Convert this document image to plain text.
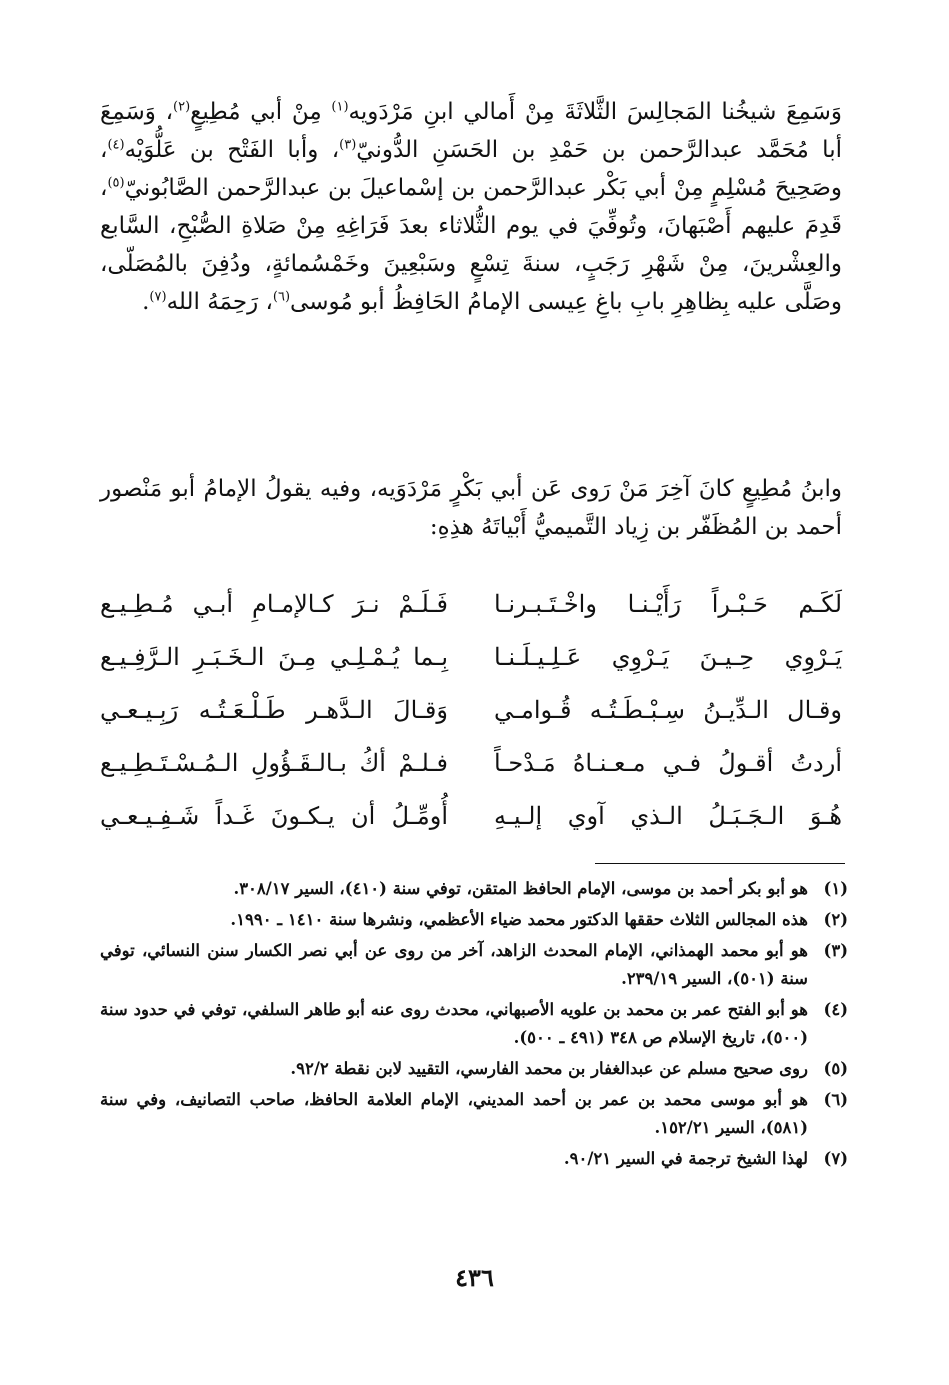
وَسَمِعَ شيخُنا المَجالِسَ الثَّلاثَةَ مِنْ أَمالي ابنِ مَرْدَويه$^{(١)}$ مِنْ أبي مُطِيعٍ$^{(٢)}$، وَسَمِعَ أبا مُحَمَّد عبدالرَّحمن بن حَمْدِ بن الحَسَنِ الدُّونيّ$^{(٣)}$، وأبا الفَتْح بن عَلُّوَيْه$^{(٤)}$، وصَحِيحَ مُسْلِمٍ مِنْ أبي بَكْر عبدالرَّحمن بن إسْماعيلَ بن عبدالرَّحمن الصَّابُونيّ$^{(٥)}$، قَدِمَ عليهم أَصْبَهانَ، وتُوفِّيَ في يوم الثُّلاثاء بعدَ فَرَاغِهِ مِنْ صَلاةِ الصُّبْحِ، السَّابع والعِشْرينَ، مِنْ شَهْرِ رَجَبٍ، سنةَ تِسْعٍ وسَبْعِينَ وخَمْسُمائةٍ، ودُفِنَ بالمُصَلّى، وصَلَّى عليه بِظاهِرِ بابِ باغِ عِيسى الإمامُ الحَافِظُ أبو مُوسى$^{(٦)}$، رَحِمَهُ الله$^{(٧)}$.

وابنُ مُطِيعٍ كانَ آخِرَ مَنْ رَوى عَن أبي بَكْرٍ مَرْدَوَيه، وفيه يقولُ الإمامُ أبو مَنْصور أحمد بن المُظَفّر بن زِياد التَّميميُّ أَبْياتَهُ هذِهِ:

لَكَـم حَـبْـراً رَأَيْـنـا واخْـتَـبـرنـا
فَـلَـمْ نـرَ كـالإمـامِ أبـي مُـطِـيـع
يَـرْوِي حِـيـنَ يَـرْوِي عَـلِـيـلَـنـا
بِـما يُـمْـلِـي مِـنَ الـخَـبَـرِ الـرَّفِـيـع
وقـال الـدِّيـنُ سِـبْـطَـتُـه قُـوامـي
وَقـالَ الـدَّهـر طَـلْـعَـتُـه رَبِـيـعـي
أردتُ أقـولُ فـي مـعـنـاهُ مَـدْحـاً
فـلـمْ أكُ بـالـقَـؤُولِ الـمُـسْـتَـطِـيـع
هُـوَ الـجَـبَـلُ الـذي آوي إلـيـهِ
أُومِّـلُ أن يـكـونَ غَـداً شَـفِـيـعـي
(١)
هو أبو بكر أحمد بن موسى، الإمام الحافظ المتقن، توفي سنة (٤١٠)، السير ٣٠٨/١٧.
(٢)
هذه المجالس الثلاث حققها الدكتور محمد ضياء الأعظمي، ونشرها سنة ١٤١٠ ـ ١٩٩٠.
(٣)
هو أبو محمد الهمذاني، الإمام المحدث الزاهد، آخر من روى عن أبي نصر الكسار سنن النسائي، توفي سنة (٥٠١)، السير ٢٣٩/١٩.
(٤)
هو أبو الفتح عمر بن محمد بن علويه الأصبهاني، محدث روى عنه أبو طاهر السلفي، توفي في حدود سنة (٥٠٠)، تاريخ الإسلام ص ٣٤٨ (٤٩١ ـ ٥٠٠).
(٥)
روى صحيح مسلم عن عبدالغفار بن محمد الفارسي، التقييد لابن نقطة ٩٢/٢.
(٦)
هو أبو موسى محمد بن عمر بن أحمد المديني، الإمام العلامة الحافظ، صاحب التصانيف، وفي سنة (٥٨١)، السير ١٥٢/٢١.
(٧)
لهذا الشيخ ترجمة في السير ٩٠/٢١.
٤٣٦
